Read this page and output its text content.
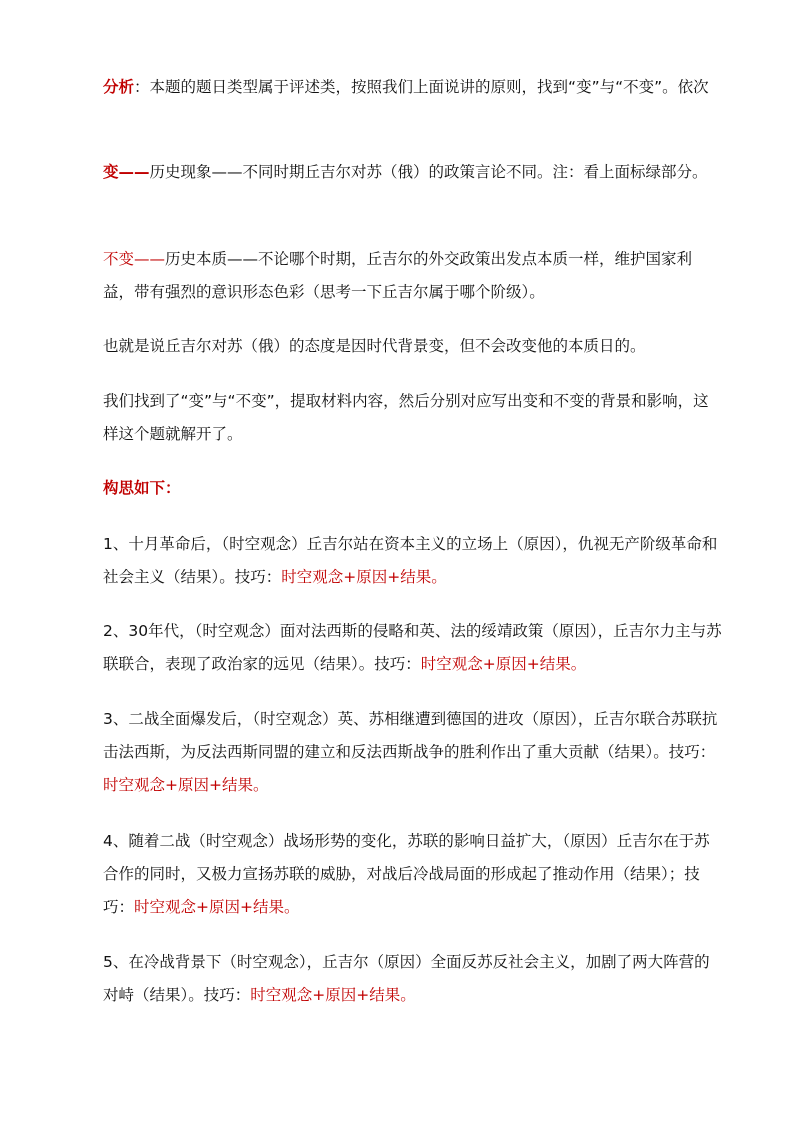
分析：本题的题日类型属于评述类，按照我们上面说讲的原则，找到“变”与“不变”。依次

变——历史现象——不同时期丘吉尔对苏（俄）的政策言论不同。注：看上面标绿部分。

不变——历史本质——不论哪个时期，丘吉尔的外交政策出发点本质一样，维护国家利益，带有强烈的意识形态色彩（思考一下丘吉尔属于哪个阶级）。

也就是说丘吉尔对苏（俄）的态度是因时代背景变，但不会改变他的本质日的。

我们找到了“变”与“不变”，提取材料内容，然后分别对应写出变和不变的背景和影响，这样这个题就解开了。

构思如下：

1、十月革命后，（时空观念）丘吉尔站在资本主义的立场上（原因），仇视无产阶级革命和社会主义（结果）。技巧：时空观念+原因+结果。

2、30年代，（时空观念）面对法西斯的侵略和英、法的绥靖政策（原因），丘吉尔力主与苏联联合，表现了政治家的远见（结果）。技巧：时空观念+原因+结果。

3、二战全面爆发后，（时空观念）英、苏相继遭到德国的进攻（原因），丘吉尔联合苏联抗击法西斯，为反法西斯同盟的建立和反法西斯战争的胜利作出了重大贡献（结果）。技巧：时空观念+原因+结果。

4、随着二战（时空观念）战场形势的变化，苏联的影响日益扩大，（原因）丘吉尔在于苏合作的同时，又极力宣扬苏联的威胁，对战后冷战局面的形成起了推动作用（结果）；技巧：时空观念+原因+结果。

5、在冷战背景下（时空观念），丘吉尔（原因）全面反苏反社会主义，加剧了两大阵营的对峙（结果）。技巧：时空观念+原因+结果。
